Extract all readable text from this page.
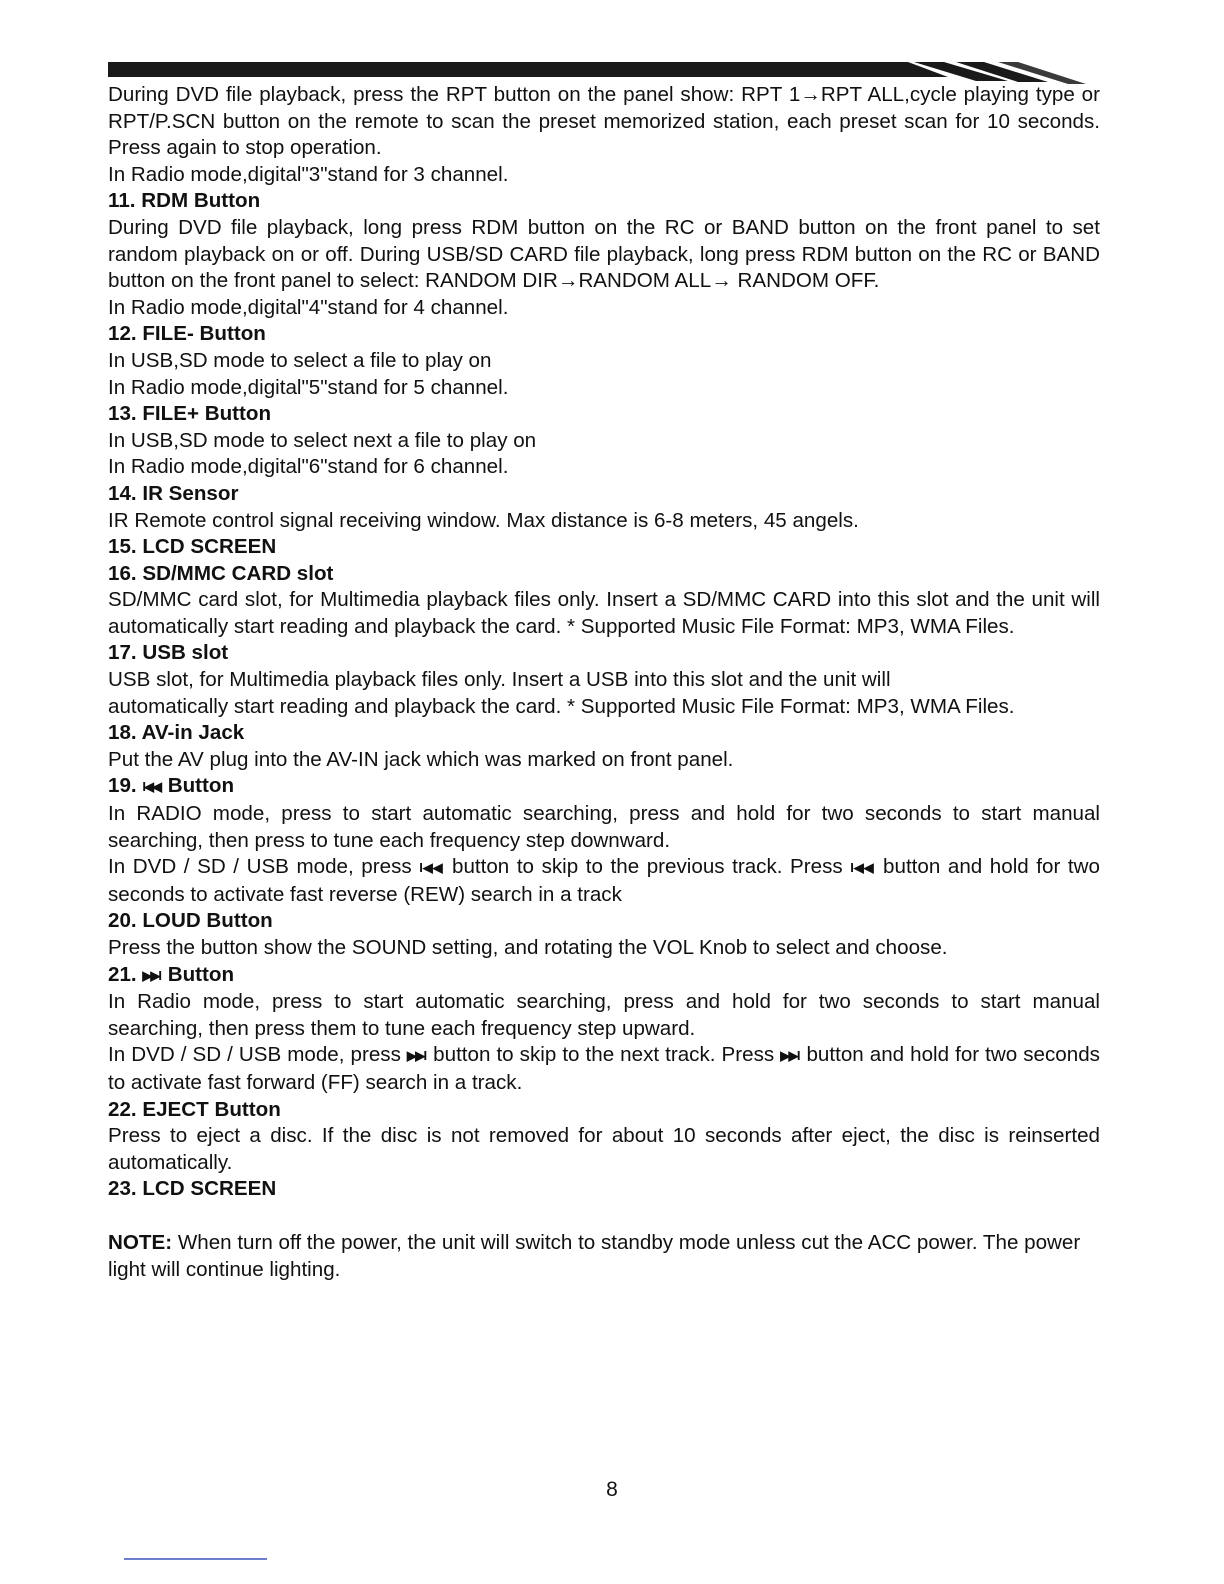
During DVD file playback, press the RPT button on the panel show: RPT 1→RPT ALL,cycle playing type or RPT/P.SCN button on the remote to scan the preset memorized station, each preset scan for 10 seconds. Press again to stop operation.

In Radio mode,digital"3"stand for 3 channel.

11. RDM Button

During DVD file playback, long press RDM button on the RC or BAND button on the front panel to set random playback on or off. During USB/SD CARD file playback, long press RDM button on the RC or BAND button on the front panel to select: RANDOM DIR→RANDOM ALL→ RANDOM OFF.

In Radio mode,digital"4"stand for 4 channel.

12. FILE- Button

In USB,SD mode to select a file to play on

In Radio mode,digital"5"stand for 5 channel.

13. FILE+ Button

In USB,SD mode to select next a file to play on

In Radio mode,digital"6"stand for 6 channel.

14. IR Sensor

IR Remote control signal receiving window. Max distance is 6-8 meters, 45 angels.

15. LCD SCREEN

16. SD/MMC CARD slot

SD/MMC card slot, for Multimedia playback files only. Insert a SD/MMC CARD into this slot and the unit will automatically start reading and playback the card. * Supported Music File Format: MP3, WMA Files.

17. USB slot

USB slot, for Multimedia playback files only. Insert a USB into this slot and the unit will

automatically start reading and playback the card. * Supported Music File Format: MP3, WMA Files.

18. AV-in Jack

Put the AV plug into the AV-IN jack which was marked on front panel.

19. I◀◀ Button

In RADIO mode, press to start automatic searching, press and hold for two seconds to start manual searching, then press to tune each frequency step downward.

In DVD / SD / USB mode, press I◀◀ button to skip to the previous track. Press I◀◀ button and hold for two seconds to activate fast reverse (REW) search in a track

20. LOUD Button

Press the button show the SOUND setting, and rotating the VOL Knob to select and choose.

21. ▶▶I Button

In Radio mode, press to start automatic searching, press and hold for two seconds to start manual searching, then press them to tune each frequency step upward.

In DVD / SD / USB mode, press ▶▶I button to skip to the next track. Press ▶▶I button and hold for two seconds to activate fast forward (FF) search in a track.

22. EJECT Button

Press to eject a disc. If the disc is not removed for about 10 seconds after eject, the disc is reinserted automatically.

23. LCD SCREEN

NOTE: When turn off the power, the unit will switch to standby mode unless cut the ACC power. The power light will continue lighting.

8
